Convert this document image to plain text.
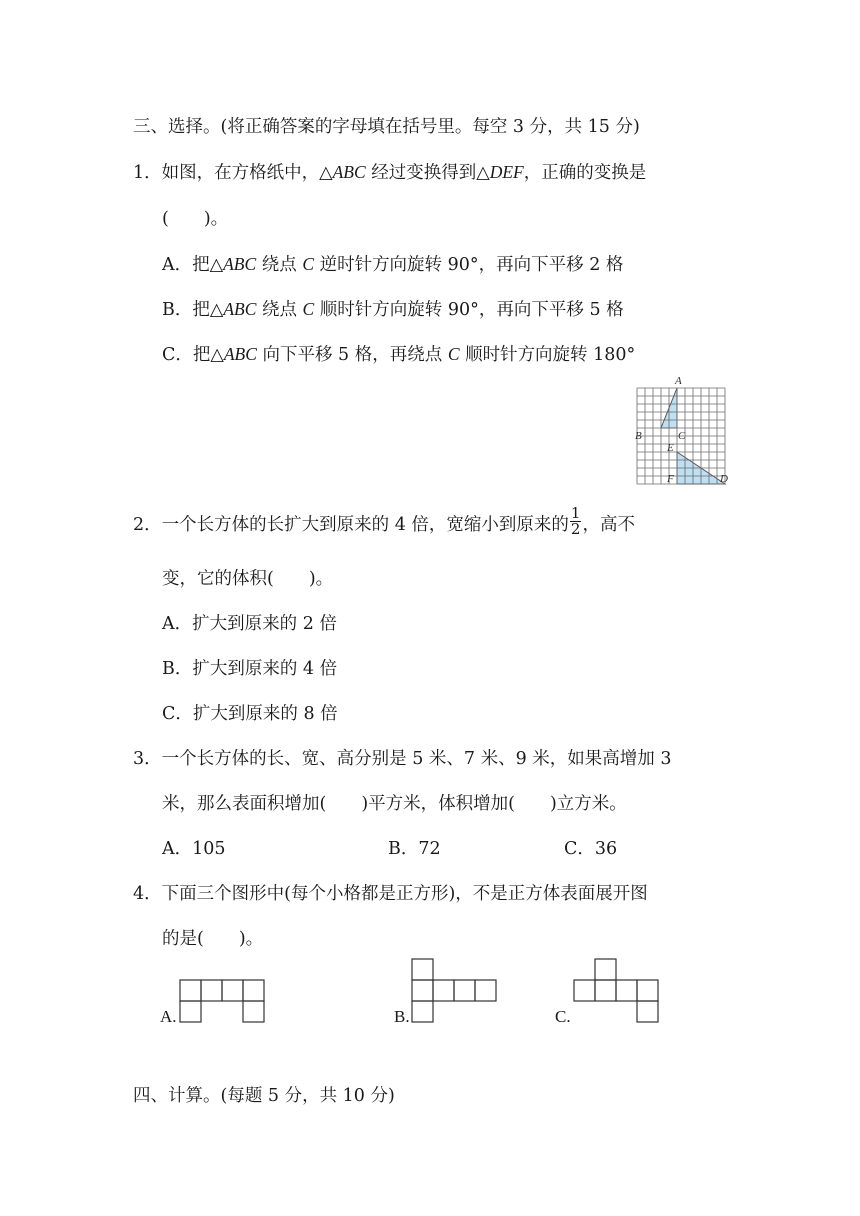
三、选择。(将正确答案的字母填在括号里。每空 3 分，共 15 分)
1．如图，在方格纸中，△ABC 经过变换得到△DEF，正确的变换是
(　　)。
A．把△ABC 绕点 C 逆时针方向旋转 90°，再向下平移 2 格
B．把△ABC 绕点 C 顺时针方向旋转 90°，再向下平移 5 格
C．把△ABC 向下平移 5 格，再绕点 C 顺时针方向旋转 180°
A
B	C
E
F	D
2．一个长方体的长扩大到原来的 4 倍，宽缩小到原来的 $\frac{1}{2}$ ，高不
变，它的体积(　　)。
A．扩大到原来的 2 倍
B．扩大到原来的 4 倍
C．扩大到原来的 8 倍
3．一个长方体的长、宽、高分别是 5 米、7 米、9 米，如果高增加 3
米，那么表面积增加(　　)平方米，体积增加(　　)立方米。
A．105	B．72	C．36
4．下面三个图形中(每个小格都是正方形)，不是正方体表面展开图
的是(　　)。
A.	B.	C.
四、计算。(每题 5 分，共 10 分)
